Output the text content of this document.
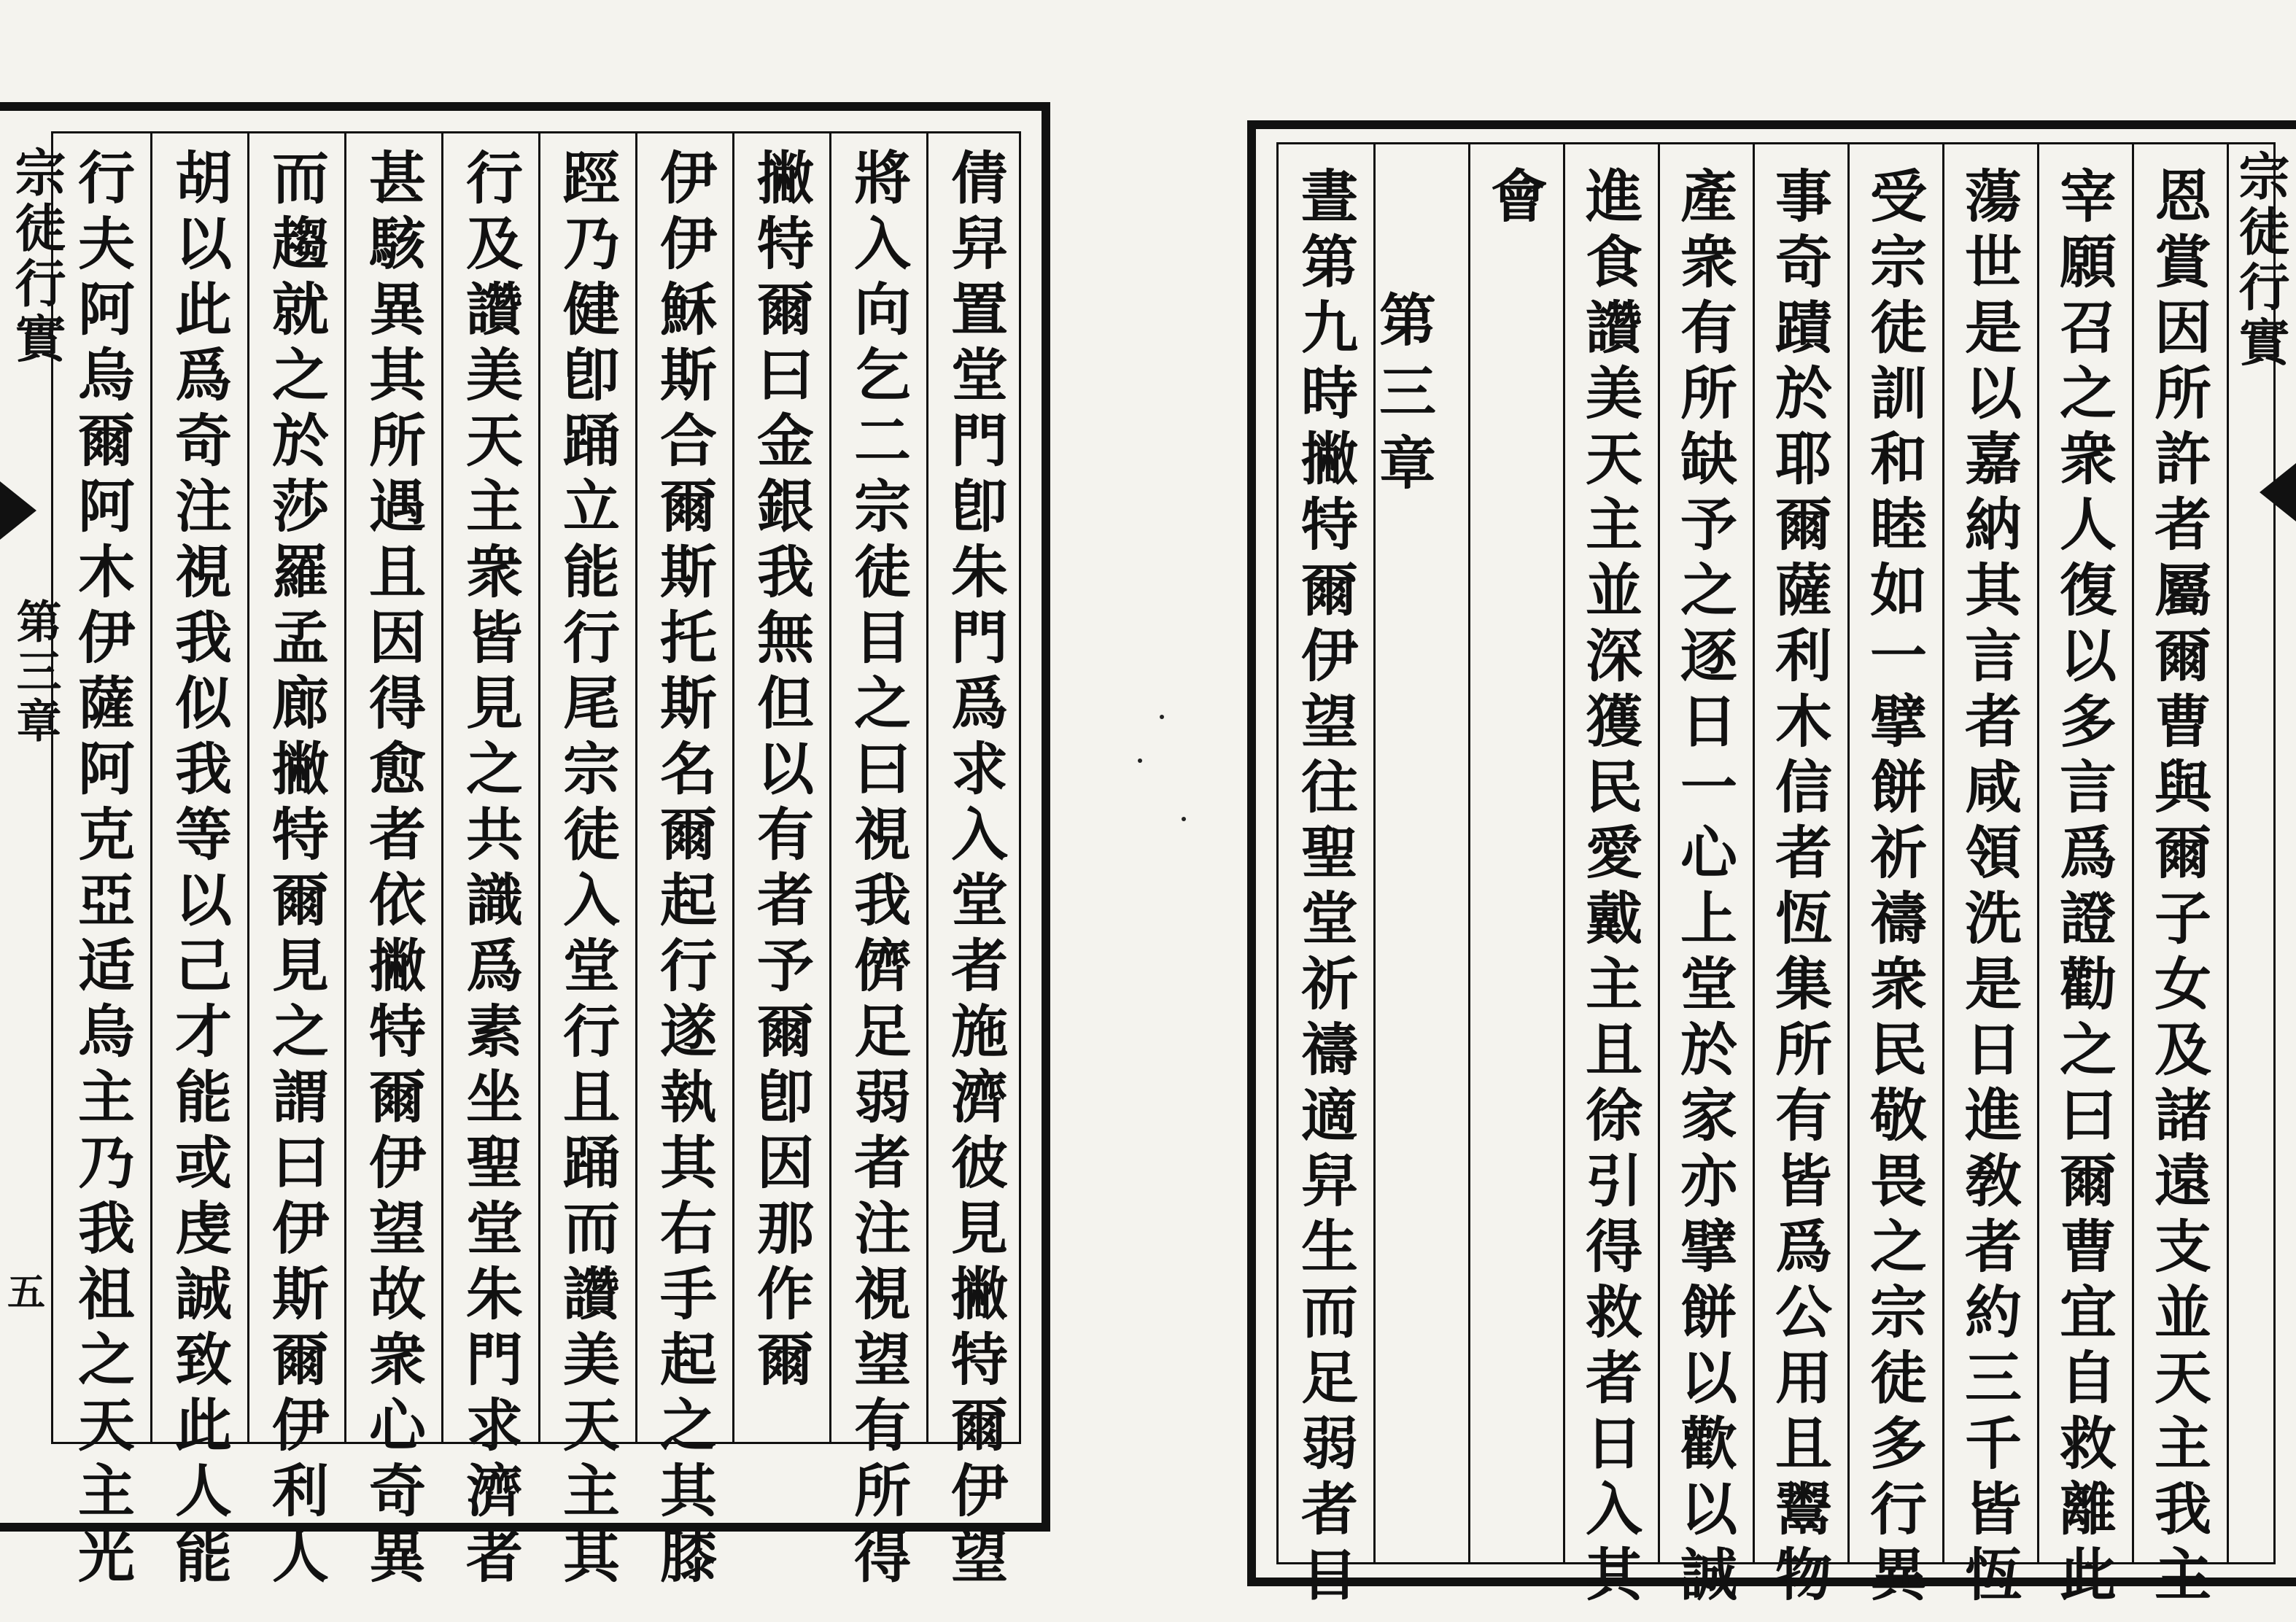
倩舁置堂門卽朱門爲求入堂者施濟彼見撇特爾伊望
將入向乞二宗徒目之曰視我儕足弱者注視望有所得
撇特爾曰金銀我無但以有者予爾卽因那作爾
伊伊穌斯合爾斯托斯名爾起行遂執其右手起之其膝
踁乃健卽踊立能行尾宗徒入堂行且踊而讚美天主其
行及讚美天主衆皆見之共識爲素坐聖堂朱門求濟者
甚駭異其所遇且因得愈者依撇特爾伊望故衆心奇異
而趨就之於莎羅孟廊撇特爾見之謂曰伊斯爾伊利人
胡以此爲奇注視我似我等以己才能或虔誠致此人能
行夫阿烏爾阿木伊薩阿克亞适烏主乃我祖之天主光
宗徒行實
第三章
五	恩賞因所許者屬爾曹與爾子女及諸遠支並天主我主
宰願召之衆人復以多言爲證勸之曰爾曹宜自救離此
蕩世是以嘉納其言者咸領洗是日進敎者約三千皆恆
受宗徒訓和睦如一擘餅祈禱衆民敬畏之宗徒多行異
事奇蹟於耶爾薩利木信者恆集所有皆爲公用且鬻物
產衆有所缺予之逐日一心上堂於家亦擘餅以歡以誠
進食讚美天主並深獲民愛戴主且徐引得救者日入其
會
第三章
晝第九時撇特爾伊望往聖堂祈禱適舁生而足弱者日	宗徒行實
